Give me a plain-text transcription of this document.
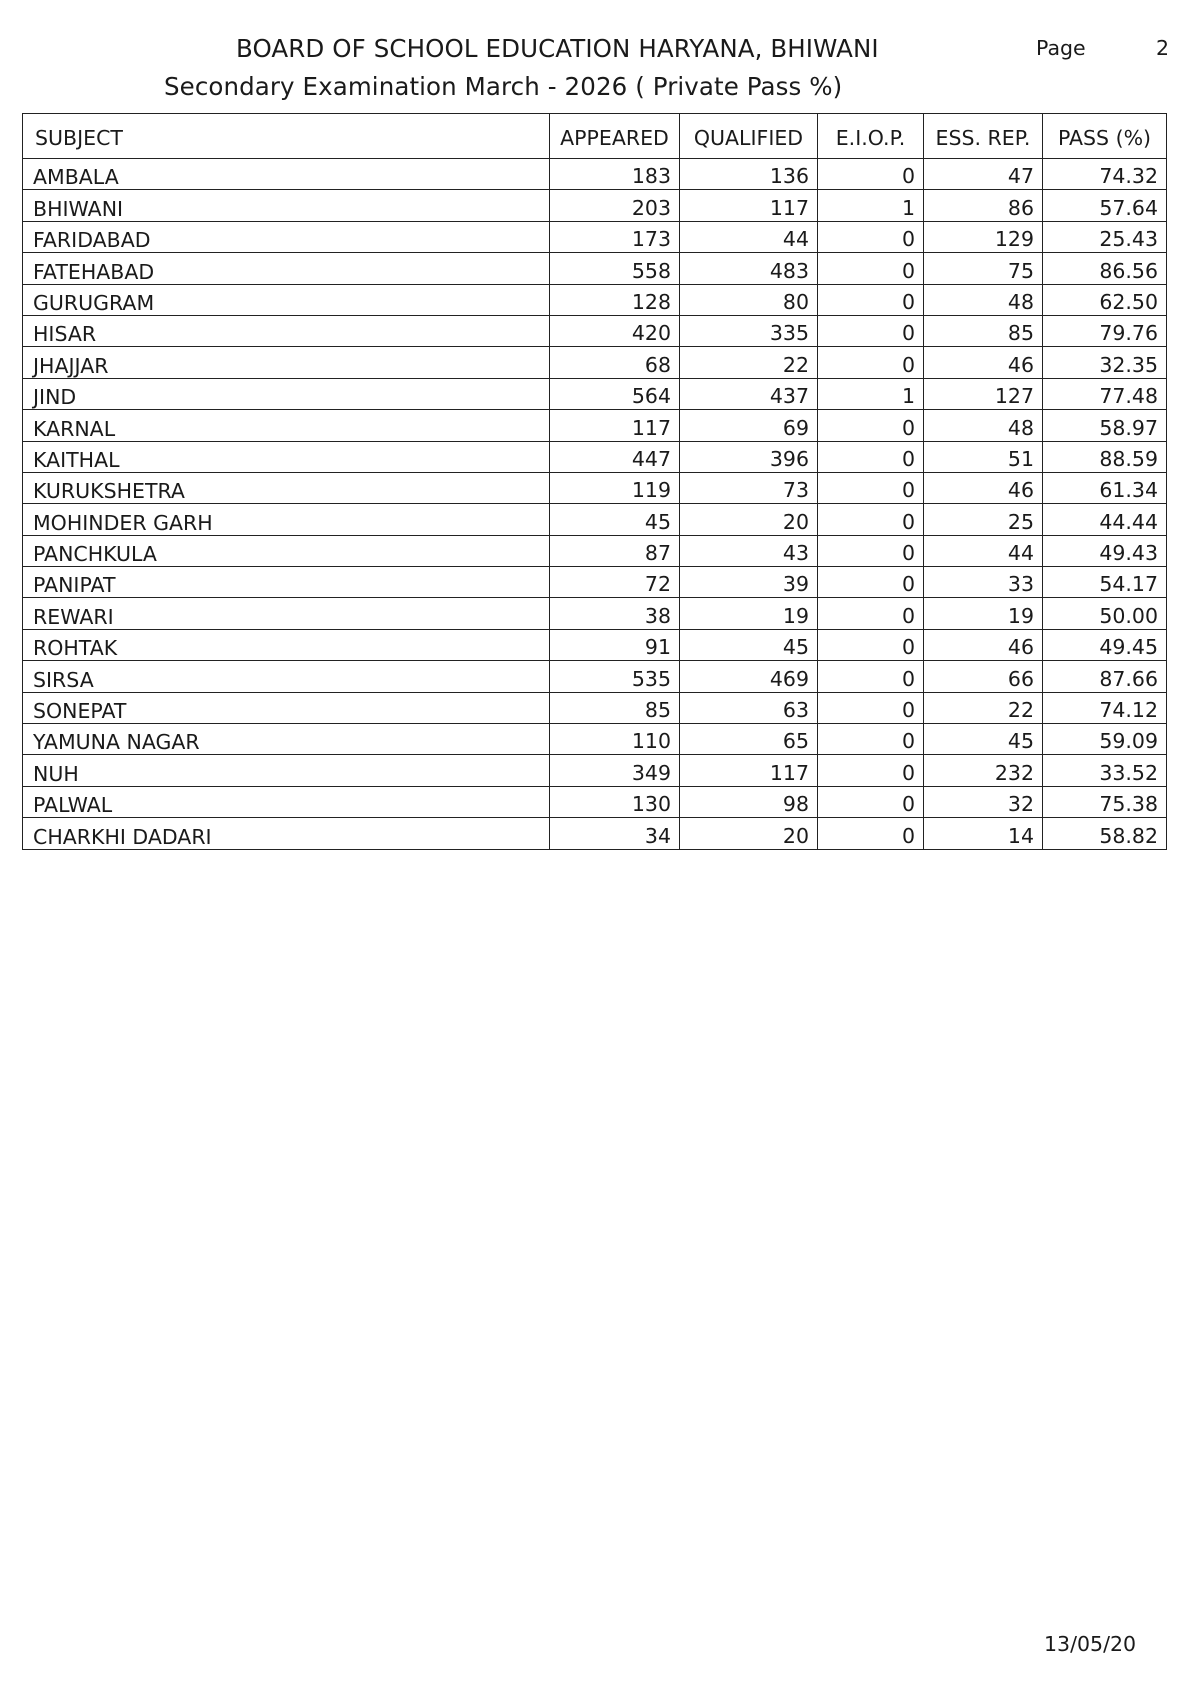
BOARD OF SCHOOL EDUCATION HARYANA, BHIWANI	Page	2
Secondary Examination March - 2026 ( Private Pass %)
SUBJECT	APPEARED	QUALIFIED	E.I.O.P.	ESS. REP.	PASS (%)
AMBALA	183	136	0	47	74.32
BHIWANI	203	117	1	86	57.64
FARIDABAD	173	44	0	129	25.43
FATEHABAD	558	483	0	75	86.56
GURUGRAM	128	80	0	48	62.50
HISAR	420	335	0	85	79.76
JHAJJAR	68	22	0	46	32.35
JIND	564	437	1	127	77.48
KARNAL	117	69	0	48	58.97
KAITHAL	447	396	0	51	88.59
KURUKSHETRA	119	73	0	46	61.34
MOHINDER GARH	45	20	0	25	44.44
PANCHKULA	87	43	0	44	49.43
PANIPAT	72	39	0	33	54.17
REWARI	38	19	0	19	50.00
ROHTAK	91	45	0	46	49.45
SIRSA	535	469	0	66	87.66
SONEPAT	85	63	0	22	74.12
YAMUNA NAGAR	110	65	0	45	59.09
NUH	349	117	0	232	33.52
PALWAL	130	98	0	32	75.38
CHARKHI DADARI	34	20	0	14	58.82
13/05/20
